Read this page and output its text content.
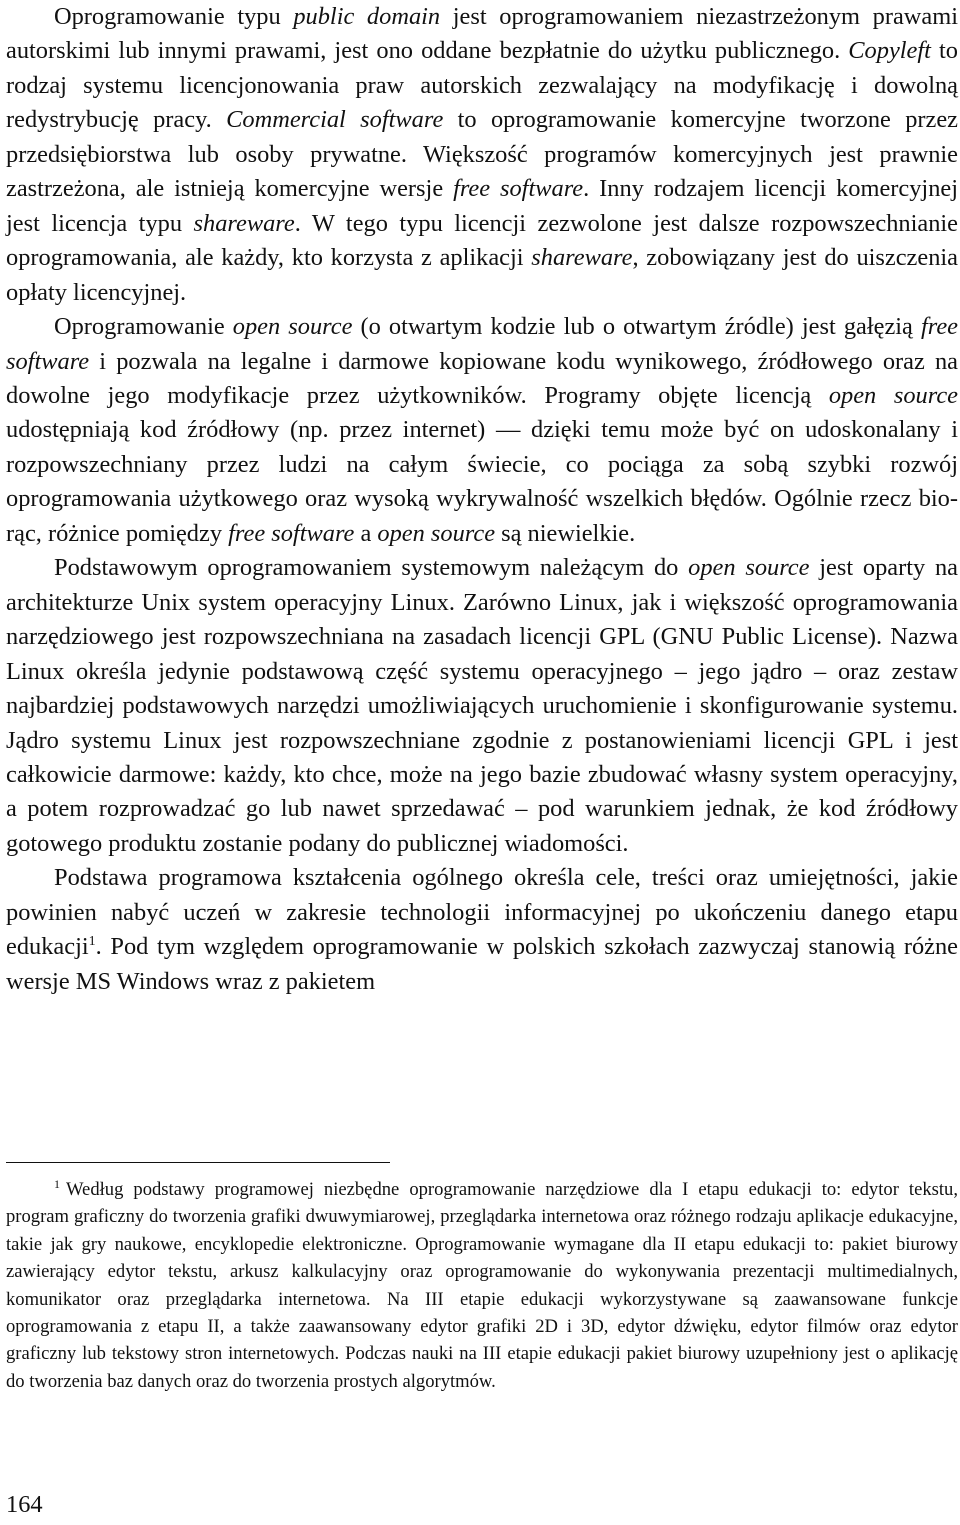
Oprogramowanie typu public domain jest oprogramowaniem niezastrzeżonym prawami autorskimi lub innymi prawami, jest ono oddane bezpłatnie do użytku publicznego. Copyleft to rodzaj systemu licencjonowania praw autorskich zezwalający na modyfikację i dowolną redystrybucję pracy. Commercial software to oprogramowanie komercyjne tworzone przez przedsiębiorstwa lub osoby prywatne. Większość programów komercyjnych jest prawnie zastrzeżona, ale istnieją komercyjne wersje free software. Inny rodzajem licencji komercyjnej jest licencja typu shareware. W tego typu licencji zezwolone jest dalsze rozpowszechnianie oprogramowania, ale każdy, kto korzysta z aplikacji shareware, zobowiązany jest do uiszczenia opłaty licencyjnej.

Oprogramowanie open source (o otwartym kodzie lub o otwartym źródle) jest gałęzią free software i pozwala na legalne i darmowe kopiowane kodu wynikowego, źródłowego oraz na dowolne jego modyfikacje przez użytkowników. Programy objęte licencją open source udostępniają kod źródłowy (np. przez internet) — dzięki temu może być on udoskonalany i rozpowszechniany przez ludzi na całym świecie, co pociąga za sobą szybki rozwój oprogramowania użytkowego oraz wysoką wykrywalność wszelkich błędów. Ogólnie rzecz biorąc, różnice pomiędzy free software a open source są niewielkie.

Podstawowym oprogramowaniem systemowym należącym do open source jest oparty na architekturze Unix system operacyjny Linux. Zarówno Linux, jak i większość oprogramowania narzędziowego jest rozpowszechniana na zasadach licencji GPL (GNU Public License). Nazwa Linux określa jedynie podstawową część systemu operacyjnego – jego jądro – oraz zestaw najbardziej podstawowych narzędzi umożliwiających uruchomienie i skonfigurowanie systemu. Jądro systemu Linux jest rozpowszechniane zgodnie z postanowieniami licencji GPL i jest całkowicie darmowe: każdy, kto chce, może na jego bazie zbudować własny system operacyjny, a potem rozprowadzać go lub nawet sprzedawać – pod warunkiem jednak, że kod źródłowy gotowego produktu zostanie podany do publicznej wiadomości.

Podstawa programowa kształcenia ogólnego określa cele, treści oraz umiejętności, jakie powinien nabyć uczeń w zakresie technologii informacyjnej po ukończeniu danego etapu edukacji$^1$. Pod tym względem oprogramowanie w polskich szkołach zazwyczaj stanowią różne wersje MS Windows wraz z pakietem

$^1$ Według podstawy programowej niezbędne oprogramowanie narzędziowe dla I etapu edukacji to: edytor tekstu, program graficzny do tworzenia grafiki dwuwymiarowej, przeglądarka internetowa oraz różnego rodzaju aplikacje edukacyjne, takie jak gry naukowe, encyklopedie elektroniczne. Oprogramowanie wymagane dla II etapu edukacji to: pakiet biurowy zawierający edytor tekstu, arkusz kalkulacyjny oraz oprogramowanie do wykonywania prezentacji multimedialnych, komunikator oraz przeglądarka internetowa. Na III etapie edukacji wykorzystywane są zaawansowane funkcje oprogramowania z etapu II, a także zaawansowany edytor grafiki 2D i 3D, edytor dźwięku, edytor filmów oraz edytor graficzny lub tekstowy stron internetowych. Podczas nauki na III etapie edukacji pakiet biurowy uzupełniony jest o aplikację do tworzenia baz danych oraz do tworzenia prostych algorytmów.

164
